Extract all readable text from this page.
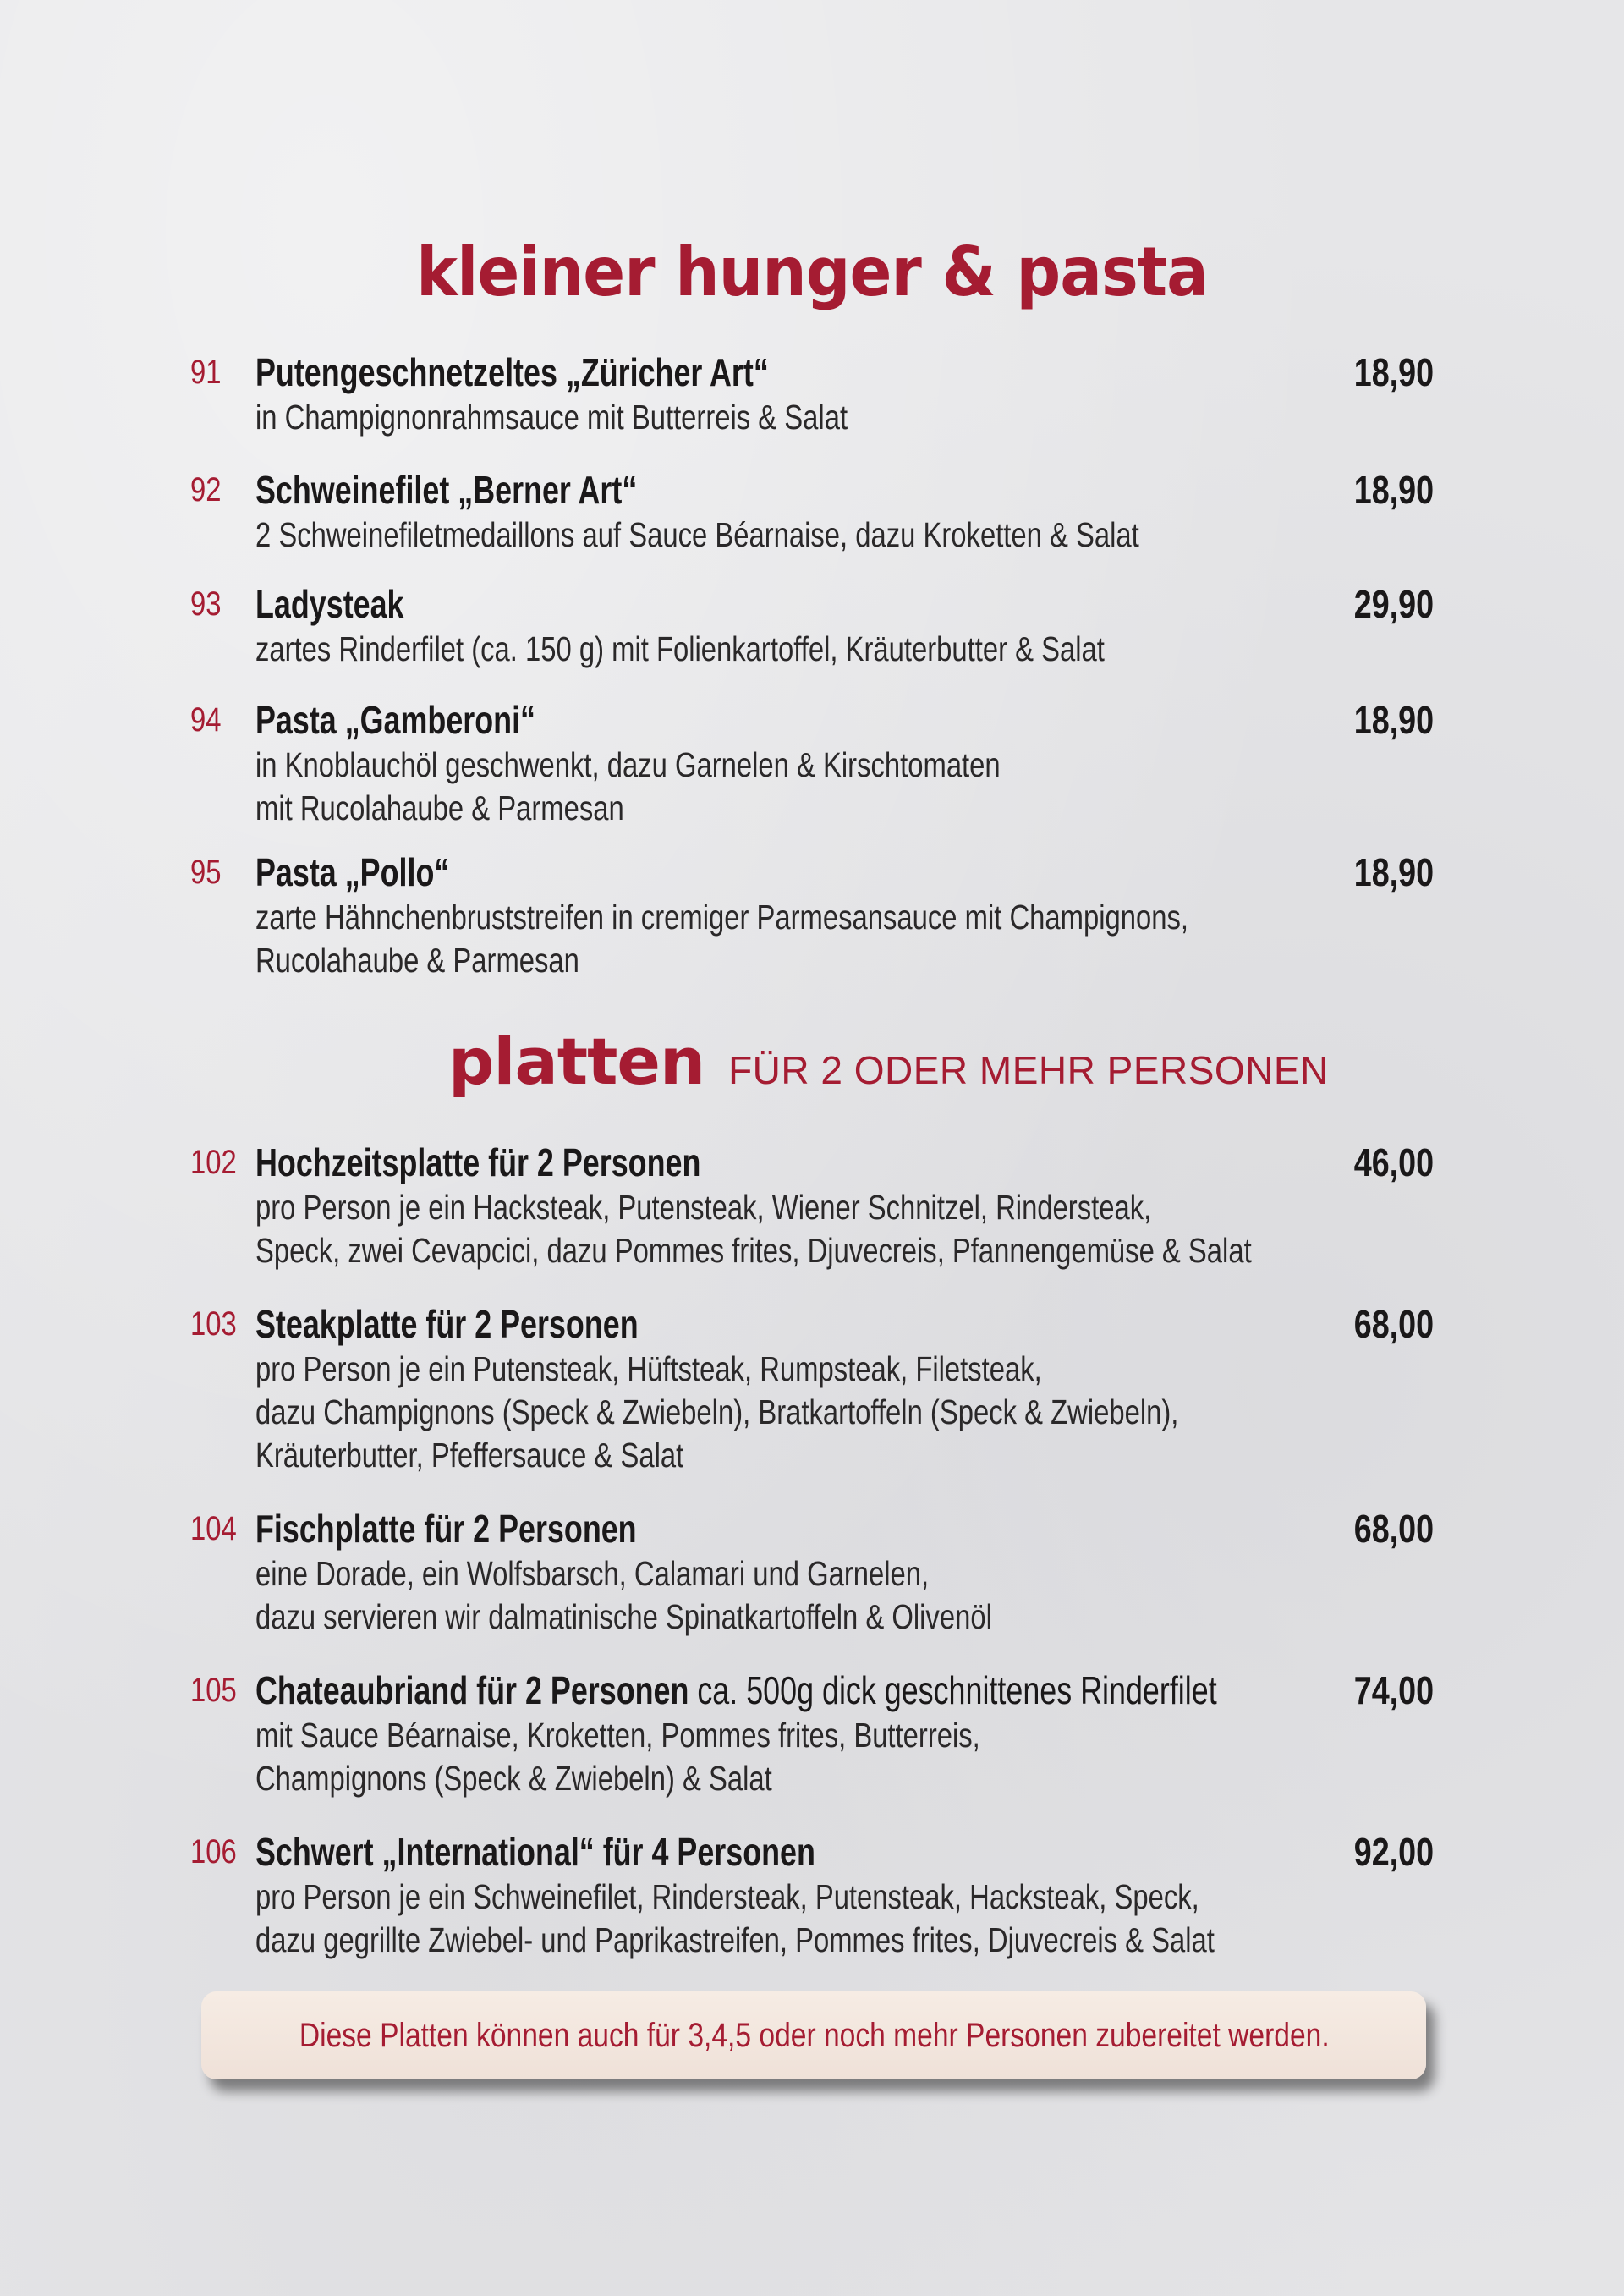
kleiner hunger & pasta
91 Putengeschnetzeltes „Züricher Art“
in Champignonrahmsauce mit Butterreis & Salat
18,90
92 Schweinefilet „Berner Art“
2 Schweinefiletmedaillons auf Sauce Béarnaise, dazu Kroketten & Salat
18,90
93 Ladysteak
zartes Rinderfilet (ca. 150 g) mit Folienkartoffel, Kräuterbutter & Salat
29,90
94 Pasta „Gamberoni“
in Knoblauchöl geschwenkt, dazu Garnelen & Kirschtomaten
mit Rucolahaube & Parmesan
18,90
95 Pasta „Pollo“
zarte Hähnchenbruststreifen in cremiger Parmesansauce mit Champignons,
Rucolahaube & Parmesan
18,90
platten FÜR 2 ODER MEHR PERSONEN
102 Hochzeitsplatte für 2 Personen
pro Person je ein Hacksteak, Putensteak, Wiener Schnitzel, Rindersteak,
Speck, zwei Cevapcici, dazu Pommes frites, Djuvecreis, Pfannengemüse & Salat
46,00
103 Steakplatte für 2 Personen
pro Person je ein Putensteak, Hüftsteak, Rumpsteak, Filetsteak,
dazu Champignons (Speck & Zwiebeln), Bratkartoffeln (Speck & Zwiebeln),
Kräuterbutter, Pfeffersauce & Salat
68,00
104 Fischplatte für 2 Personen
eine Dorade, ein Wolfsbarsch, Calamari und Garnelen,
dazu servieren wir dalmatinische Spinatkartoffeln & Olivenöl
68,00
105 Chateaubriand für 2 Personen ca. 500g dick geschnittenes Rinderfilet
mit Sauce Béarnaise, Kroketten, Pommes frites, Butterreis,
Champignons (Speck & Zwiebeln) & Salat
74,00
106 Schwert „International“ für 4 Personen
pro Person je ein Schweinefilet, Rindersteak, Putensteak, Hacksteak, Speck,
dazu gegrillte Zwiebel- und Paprikastreifen, Pommes frites, Djuvecreis & Salat
92,00
Diese Platten können auch für 3,4,5 oder noch mehr Personen zubereitet werden.
